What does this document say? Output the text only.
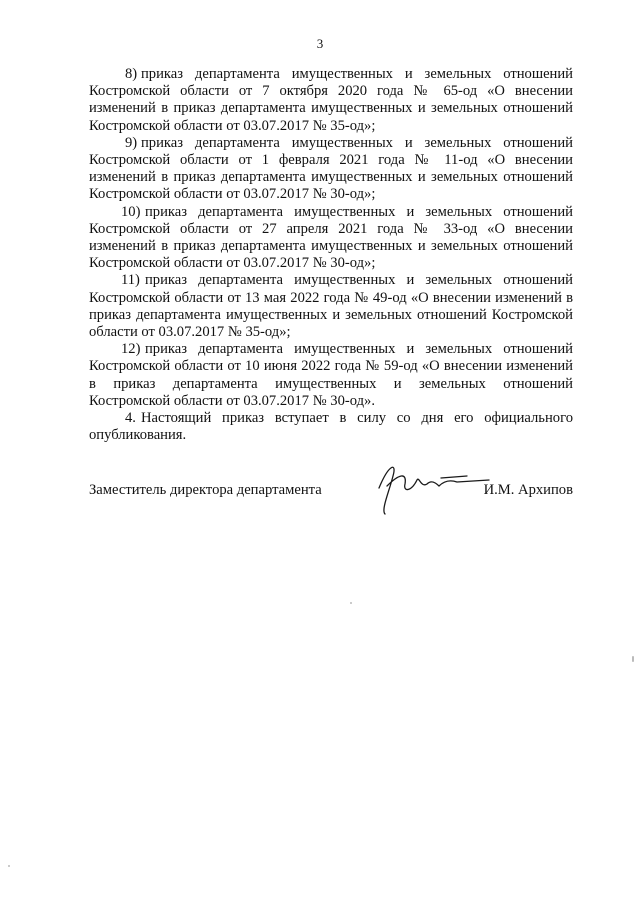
3

8) приказ департамента имущественных и земельных отношений Костромской области от 7 октября 2020 года № 65-од «О внесении изменений в приказ департамента имущественных и земельных отношений Костромской области от 03.07.2017 № 35-од»;

9) приказ департамента имущественных и земельных отношений Костромской области от 1 февраля 2021 года № 11-од «О внесении изменений в приказ департамента имущественных и земельных отношений Костромской области от 03.07.2017 № 30-од»;

10) приказ департамента имущественных и земельных отношений Костромской области от 27 апреля 2021 года № 33-од «О внесении изменений в приказ департамента имущественных и земельных отношений Костромской области от 03.07.2017 № 30-од»;

11) приказ департамента имущественных и земельных отношений Костромской области от 13 мая 2022 года № 49-од «О внесении изменений в приказ департамента имущественных и земельных отношений Костромской области от 03.07.2017 № 35-од»;

12) приказ департамента имущественных и земельных отношений Костромской области от 10 июня 2022 года № 59-од «О внесении изменений в приказ департамента имущественных и земельных отношений Костромской области от 03.07.2017 № 30-од».

4. Настоящий приказ вступает в силу со дня его официального опубликования.

Заместитель директора департамента	И.М. Архипов
